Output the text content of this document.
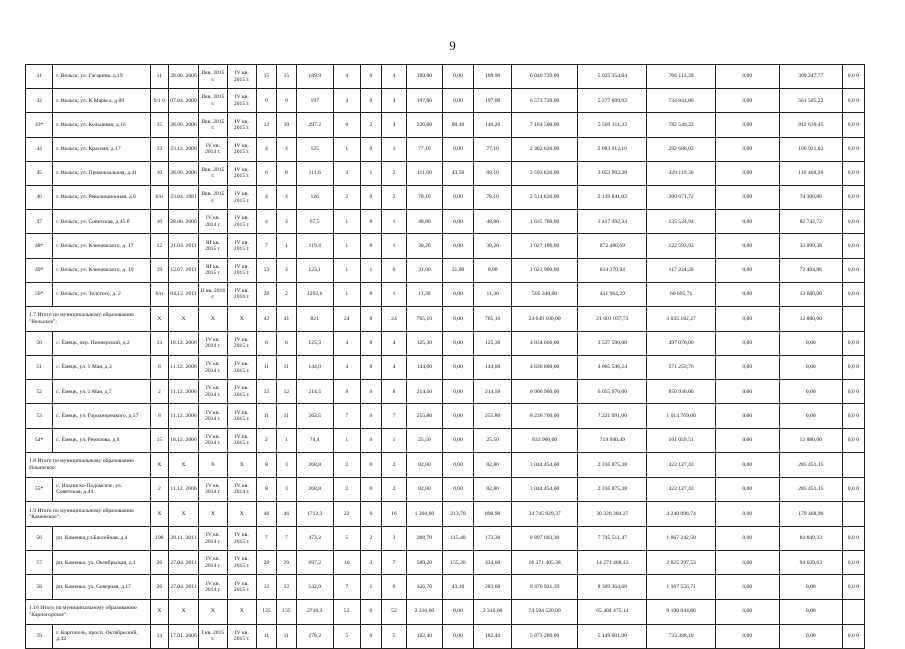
9
41	г. Вельск, ул. Гагарина, д.19	11	28.06. 2006	IIкв. 2015 г.	IV кв. 2015 г.	15	15	189.9	4	0	4	189.90	0,00	189.90	6 040 720,00	5 025 354,84	706 113,39	0,00	309 247,77	0,0 0
42	г. Вельск, ул. К.Маркса, д.89	9/1 0	07.04. 2000	IIкв. 2015 г.	IV кв. 2015 г.	9	9	197	4	0	4	197,00	0,00	197,00	6 573 720,00	5 277 609,92	734 844,86	0,00	561 505,22	0,0 0
43*	г. Вельск, ул. Кольцевая, д.16	15	28.06. 2006	IIкв. 2015 г.	IV кв. 2015 г.	12	10	297.2	6	2	4	226,60	80,40	146,20	7 164 500,00	5 569 311,33	782 549,22	0,00	812 639,45	0,0 0
44	г. Вельск, ул. Красная, д.17	13	23.12. 2008	IV кв. 2014 г.	IV кв. 2015 г.	4	4	125	1	0	1	77,10	0,00	77,10	2 482 620,00	2 083 012,16	292 686,02	0,00	106 921,82	0,0 0
45	г. Вельск, ул. Привокзальная, д.41	10	28.06. 2006	IIкв. 2015 г.	IV кв. 2015 г.	6	8	111,6	3	1	2	111,60	43,50	68,10	3 593 820,00	3 053 992,38	429 119,36	0,00	110 468,26	0,0 0
46	г. Вельск, ул. Революционная, д.6	6/н	23.04. 1981	IIкв. 2015 г.	IV кв. 2015 г.	4	4	126	2	0	2	78,10	0,00	78,10	2 514 820,00	2 139 841,02	300 671,72	0,00	74 306,86	0,0 0
47	г. Вельск, ул. Советская, д.45 б	10	28.06. 2006	IV кв. 2014 г.	IV кв. 2015 г.	4	4	67,5	1	0	1	48,80	0,00	48,80	1 635 780,00	1 417 492,34	135 534,94	0,00	82 742,72	0,0 0
48*	г. Вельск, ул. Ключевского, д. 17	12	21.04. 2011	III кв. 2015 г.	IV кв. 2015 г.	7	1	119.4	1	0	1	30,20	0,00	30,20	1 027 180,00	872 486,69	122 593,93	0,00	32 099,38	0,0 0
49*	г. Вельск, ул. Ключевского, д. 19	19	12.07. 2011	III кв. 2015 г.	IV кв. 2015 г.	13	4	123,1	1	1	0	31,00	31,00	0,00	1 023 900,00	834 270,94	117 224,20	0,00	72 404,86	0,0 0
50*	г. Вельск, ул. Толстого, д. 2	6/н	04.12. 2011	II кв. 2016 г.	IV кв. 2016 г.	28	2	1202,6	1	0	1	11,30	0,00	11,30	505 340,00	431 964,29	60 695,71	0,00	12 680,00	0,0 0
1.7 Итого по муниципальному образованию "Вельское":		X	X	X	X	42	41	821	24	0	24	765,10	0,00	765,10	24 649 100,00	21 601 037,73	3 035 182,27	0,00	12 880,00	
50	с. Ёмецк, пер. Пионерский, д.2	13	18.12. 2006	IV кв. 2014 г.	IV кв. 2015 г.	6	6	125,3	4	0	4	125,30	0,00	125,30	4 034 660,00	3 537 590,00	497 070,00	0,00	0,00	0,0 0
51	с. Ёмецк, ул. 1 Мая, д.3	8	11.12. 2006	IV кв. 2014 г.	IV кв. 2015 г.	11	11	144,0	4	0	4	144,00	0,00	144,00	4 636 800,00	4 065 546,24	571 253,76	0,00	0,00	0,0 0
52	с. Ёмецк, ул. 1 Мая, д.7	2	11.12. 2006	IV кв. 2014 г.	IV кв. 2015 г.	12	12	214,5	8	0	8	214,50	0,00	214,50	6 906 900,00	6 055 970,00	850 930,00	0,00	0,00	0,0 0
53	с. Ёмецк, ул. Городнорецкого, д.57	8	11.12. 2006	IV кв. 2014 г.	IV кв. 2015 г.	11	11	262,5	7	0	7	255,80	0,00	255,80	8 236 760,00	7 221 991,00	1 014 769,00	0,00	0,00	0,0 0
54*	с. Ёмецк, ул. Ремизова, д.8	15	18.12. 2006	IV кв. 2014 г.	IV кв. 2015 г.	2	1	74,4	1	0	1	25,50	0,00	25,50	833 900,00	719 940,49	101 059,51	0,00	12 880,00	0,0 0
1.8 Итого по муниципальному образованию Ильинское:		X	X	X	X	8	3	268,8	2	0	2	82,80	0,00	82,80	3 044 454,00	2 336 875,38	422 127,43	0,00	285 451,15	
55*	с. Ильинско-Подомское, ул. Советская, д.44	2	11.12. 2006	IV кв. 2014 г.	IV кв. 2014 г.	8	3	268,8	2	0	2	82,80	0,00	82,80	3 044 454,00	2 336 875,38	422 127,43	0,00	285 451,15	0,0 0
1.9 Итого по муниципальному образованию "Каменское":		X	X	X	X	48	46	1712,3	22	6	16	1 304,60	213,70	890,90	34 745 929,37	30 326 384,27	4 240 096,74	0,00	179 468,96	
56	рп. Каменка,ул.Бассейная, д.4	198	28.11. 2011	IV кв. 2014 г.	IV кв. 2015 г.	7	7	473,2	5	2	3	288,70	115,40	173,30	8 897 603,30	7 745 511,47	1 067 242,50	0,00	84 849,33	0,0 0
57	рп. Каменка, ул. Октябрьская, д.1	26	27.04. 2011	IV кв. 2014 г.	IV кв. 2015 г.	29	29	697,2	10	3	7	589,20	155,20	434,00	16 371 405,38	14 271 468,12	2 025 297,53	0,00	94 639,63	0,0 0
58	рп. Каменка, ул. Северная, д.17	26	27.04. 2011	IV кв. 2014 г.	IV кв. 2015 г.	12	12	542,9	7	1	6	326,70	43,10	283,60	9 476 921,39	8 309 364,68	1 167 556,71	0,00	0,00	0,0 0
1.10 Итого по муниципальному образованию "Карпогорское":		X	X	X	X	135	135	2716,3	52	0	52	2 316,60	0,00	2 316,60	74 594 520,00	65 404 475,14	9 190 044,86	0,00	0,00	
59	г. Каргополь, просп. Октябрьский, д.42	14	17.01. 2006	I кв. 2015 г.	IV кв. 2015 г.	11	11	278,2	5	0	5	182,40	0,00	182,40	5 873 280,00	5 149 601,90	723 388,10	0,00	0,00	0,0 0
